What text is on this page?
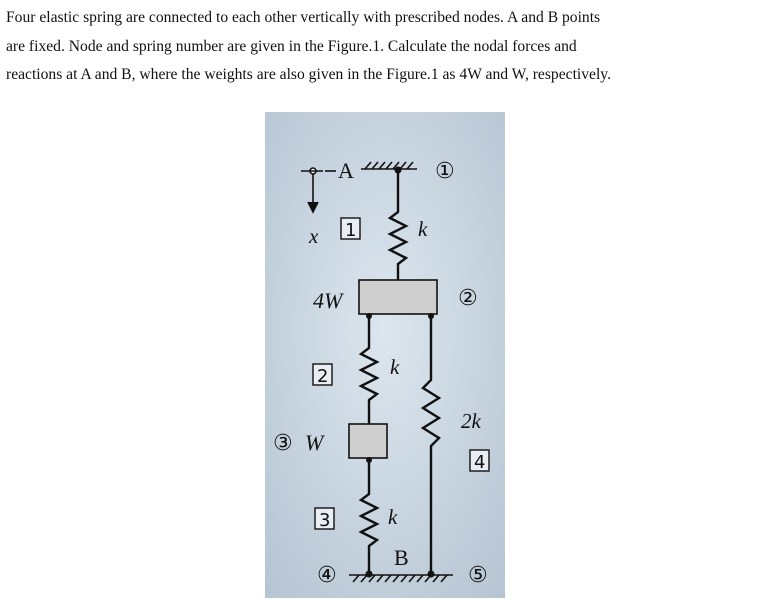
Four elastic spring are connected to each other vertically with prescribed nodes. A and B points

are fixed. Node and spring number are given in the Figure.1. Calculate the nodal forces and

reactions at A and B, where the weights are also given in the Figure.1 as 4W and W, respectively.

x
A	①
1	k
4W	②
2	k
③ W
3	k
2k
4
B
④	⑤
